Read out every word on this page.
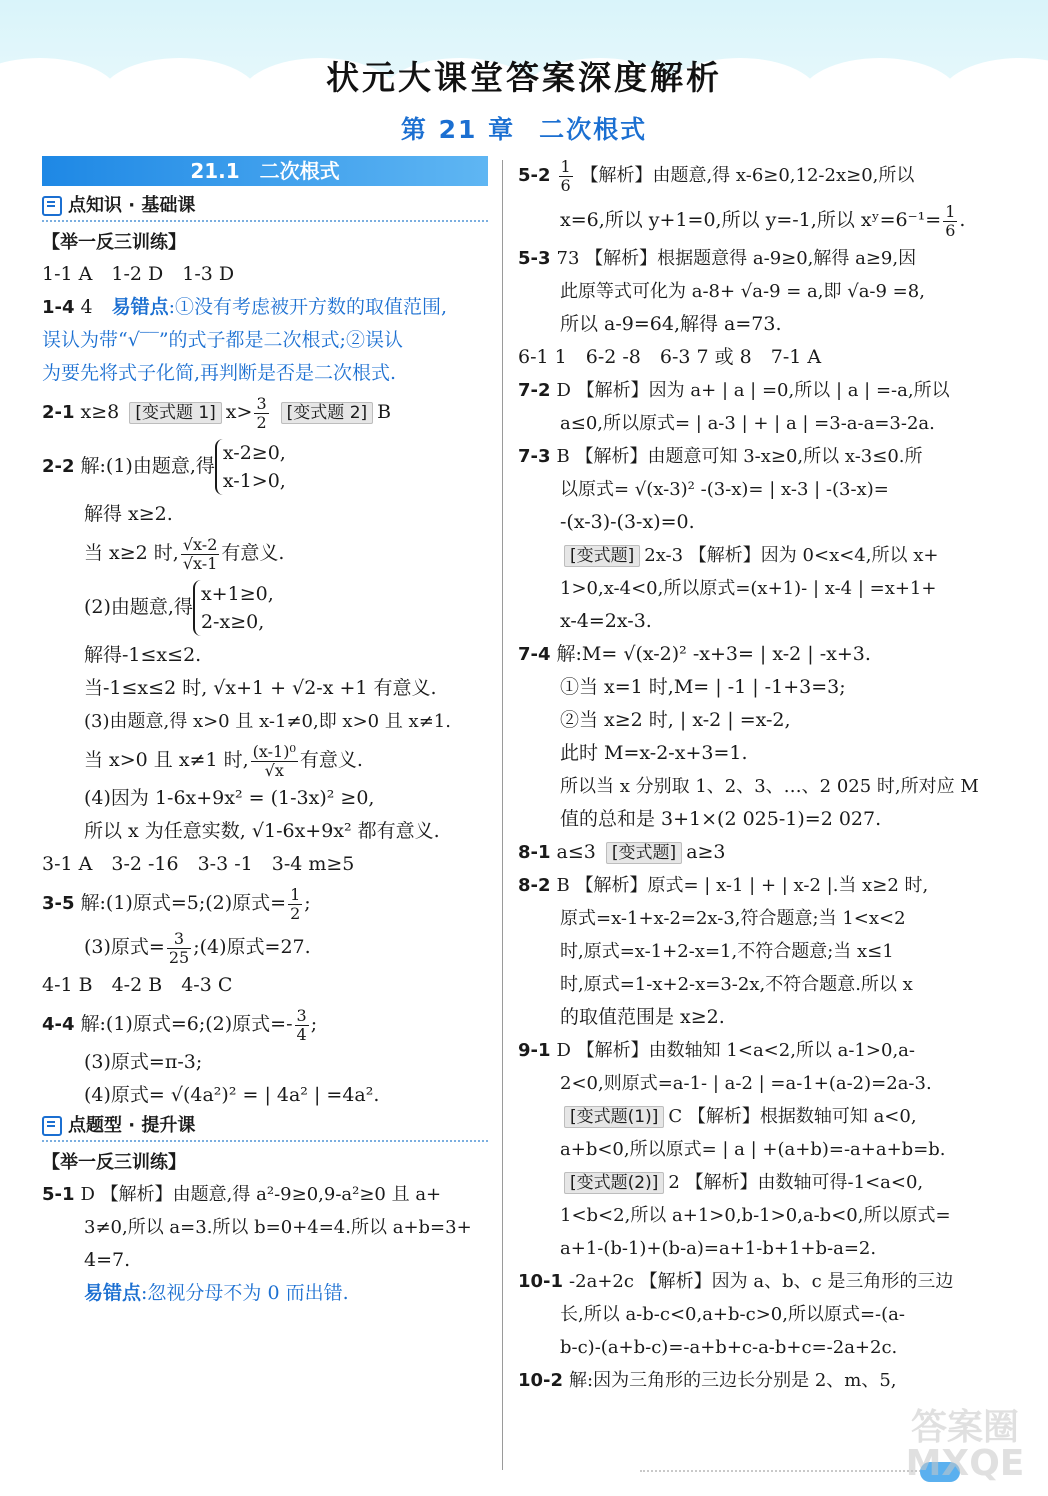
状元大课堂答案深度解析
第 21 章 二次根式
21.1 二次根式
点知识 · 基础课
【举一反三训练】
1-1 A　1-2 D　1-3 D
1-4 4　 易错点:①没有考虑被开方数的取值范围,
误认为带“√‾‾”的式子都是二次根式;②误认
为要先将式子化简,再判断是否是二次根式.
2-1 x≥8 [变式题 1] $x> \frac{3}{2}$ [变式题 2] B
2-2 解:(1)由题意,得
x-2≥0,
x-1>0,
解得 x≥2.
当 x≥2 时, $\frac{√x-2}{√x-1}$ 有意义.
(2)由题意,得
x+1≥0,
2-x≥0,
解得-1≤x≤2.
当-1≤x≤2 时, √x+1 + √2-x +1 有意义.
(3)由题意,得 x>0 且 x-1≠0,即 x>0 且 x≠1.
当 x>0 且 x≠1 时, $\frac{\text{(x-1)⁰}}{√x}$ 有意义.
(4)因为 1-6x+9x² = (1-3x)² ≥0,
所以 x 为任意实数, √1-6x+9x² 都有意义.
3-1 A　3-2 -16　3-3 -1　3-4 m≥5
3-5 解:(1)原式=5;(2)原式= $\frac{1}{2}$ ;
(3)原式= $\frac{3}{25}$ ;(4)原式=27.
4-1 B　4-2 B　4-3 C
4-4 解:(1)原式=6;(2)原式=- $\frac{3}{4}$ ;
(3)原式=π-3;
(4)原式= √(4a²)² = | 4a² | =4a².
点题型 · 提升课
【举一反三训练】
5-1 D 【解析】由题意,得 a²-9≥0,9-a²≥0 且 a+
3≠0,所以 a=3.所以 b=0+4=4.所以 a+b=3+
4=7.
易错点:忽视分母不为 0 而出错.
$5-2 \frac{1}{6}$ 【解析】由题意,得 x-6≥0,12-2x≥0,所以
x=6,所以 y+1=0,所以 y=-1,所以 xʸ=6⁻¹= $\frac{1}{6}$ .
5-3 73 【解析】根据题意得 a-9≥0,解得 a≥9,因
此原等式可化为 a-8+ √a-9 = a,即 √a-9 =8,
所以 a-9=64,解得 a=73.
6-1 1　6-2 -8　6-3 7 或 8　7-1 A
7-2 D 【解析】因为 a+ | a | =0,所以 | a | =-a,所以
a≤0,所以原式= | a-3 | + | a | =3-a-a=3-2a.
7-3 B 【解析】由题意可知 3-x≥0,所以 x-3≤0.所
以原式= √(x-3)² -(3-x)= | x-3 | -(3-x)=
-(x-3)-(3-x)=0.
[变式题] 2x-3 【解析】因为 0<x<4,所以 x+
1>0,x-4<0,所以原式=(x+1)- | x-4 | =x+1+
x-4=2x-3.
7-4 解:M= √(x-2)² -x+3= | x-2 | -x+3.
①当 x=1 时,M= | -1 | -1+3=3;
②当 x≥2 时, | x-2 | =x-2,
此时 M=x-2-x+3=1.
所以当 x 分别取 1、2、3、…、2 025 时,所对应 M
值的总和是 3+1×(2 025-1)=2 027.
8-1 a≤3 [变式题] a≥3
8-2 B 【解析】原式= | x-1 | + | x-2 |.当 x≥2 时,
原式=x-1+x-2=2x-3,符合题意;当 1<x<2
时,原式=x-1+2-x=1,不符合题意;当 x≤1
时,原式=1-x+2-x=3-2x,不符合题意.所以 x
的取值范围是 x≥2.
9-1 D 【解析】由数轴知 1<a<2,所以 a-1>0,a-
2<0,则原式=a-1- | a-2 | =a-1+(a-2)=2a-3.
[变式题(1)] C 【解析】根据数轴可知 a<0,
a+b<0,所以原式= | a | +(a+b)=-a+a+b=b.
[变式题(2)] 2 【解析】由数轴可得-1<a<0,
1<b<2,所以 a+1>0,b-1>0,a-b<0,所以原式=
a+1-(b-1)+(b-a)=a+1-b+1+b-a=2.
10-1 -2a+2c 【解析】因为 a、b、c 是三角形的三边
长,所以 a-b-c<0,a+b-c>0,所以原式=-(a-
b-c)-(a+b-c)=-a+b+c-a-b+c=-2a+2c.
10-2 解:因为三角形的三边长分别是 2、m、5,
答案圈 MXQE
